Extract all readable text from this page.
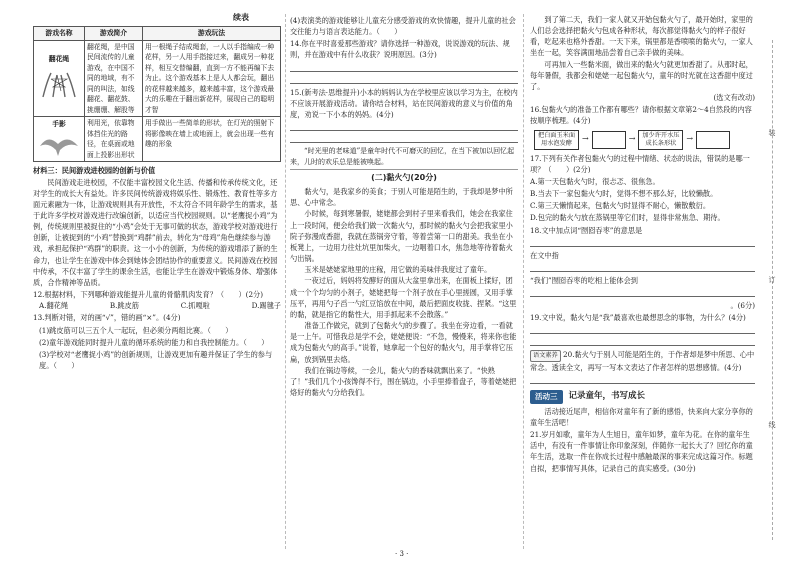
续表
游戏名称	游戏简介	游戏玩法
翻花绳	翻花绳，是中国民间流传的儿童游戏，在中国不同的地域，有不同的叫法，如线翻花、翻花鼓、挑绷绷、解股等	用一根绳子结成绳套，一人以手指编成一种花样，另一人用手指接过来，翻成另一种花样，相互交替编翻，直到一方不能再编下去为止。这个游戏基本上是人人都会玩，翻出的花样越来越多，越来越丰富，这个游戏最大的乐趣在于翻出新花样，展现自己的聪明才智
手影	利用光，依靠物体挡住光的路径，在桌面或地面上投影出形状	用手做出一些简单的形状，在灯光的照射下将影像映在墙上或地面上，就会出现一些有趣的形象

材料三：民间游戏进校园的创新与价值

民间游戏走进校园，不仅能丰富校园文化生活、传播和传承传统文化，还对学生的成长大有益处。许多民间传统游戏将娱乐性、锻炼性、教育性等多方面元素融为一体，让游戏规则具有开放性，不太符合不同年龄学生的需求，基于此许多学校对游戏进行改编创新，以适应当代校园规则。以“老鹰捉小鸡”为例，传统规则里被捉住的“小鸡”会处于无事可做的状态，游戏学校对游戏进行创新，让被捉到的“小鸡”替换到“鸡群”前去，转化为“母鸡”角色继续参与游戏，承担起保护“鸡群”的职责。这一小小的创新，为传统的游戏增添了新的生命力，也让学生在游戏中体会到她体会团结协作的重要意义。民间游戏在校园中传承，不仅丰富了学生的课余生活，也能让学生在游戏中锻炼身体、增强体质，合作精神等品质。

12.根据材料，下列哪种游戏能提升儿童的骨骼肌肉发育？（　　）(2分)

A.翻花绳	B.跳皮筋	C.抓嘎啦	D.踢毽子

13.判断对错，对的画“√”，错的画“×”。(4分)

(1)跳皮筋可以三五个人一起玩，但必须分两组比赛。（　　）

(2)童年游戏能同时提升儿童的循环系统的能力和自我控制能力。（　　）

(3)学校对“老鹰捉小鸡”的创新规则，让游戏更加有趣并保证了学生的参与度。（　　）

(4)表演类的游戏能够让儿童充分感受游戏的欢快情趣，提升儿童的社会交往能力与语言表达能力。（　　）

14.你在平时喜爱那些游戏？请你选择一种游戏，说说游戏的玩法、规则，并在游戏中有什么收获？说明原因。(3分)

15.(新考法·思维提升)小本的妈妈认为在学校里应该以学习为主，在校内不应该开展游戏活动。请你结合材料，站在民间游戏的意义与价值的角度，劝说一下小本的妈妈。(4分)

“时光里的老味道”是童年时代不可磨灭的回忆，在当下被加以回忆起来，儿时的欢乐总是能被唤起。

(二)黏火勺(20分)

黏火勺，是我家乡的美食；于别人可能是陌生的，于我却是梦中所思、心中常念。

小时候，每到寒暑假，姥姥都会到村子里来看我们，她会在我家住上一段时间，便会给我们做一次黏火勺，那时候的黏火勺会把我家里小院子弥漫成香甜，我就在蒸锅旁守着，等着尝第一口的甜美。我坐在小板凳上，一边用力往灶坑里加柴火，一边咽着口水，焦急地等待着黏火勺出锅。

玉米是姥姥家地里的庄稼，用它做的美味伴我度过了童年。

一夜过后，妈妈将发酵好的面从大盆里拿出来，在面板上揉好，团成一个个均匀的小剂子，姥姥把每一个剂子放在手心里搓圆，又用手掌压平，再用勺子舀一勺红豆馅放在中间，最后把面皮收拢、捏紧。“这里的黏，就是指它的黏性大，用手抓起来不会散落。”

准备工作做完，就到了包黏火勺的步骤了。我坐在旁边看，一看就是一上午。可惜我总是学不会，姥姥便说：“不急，慢慢来，将来你也能成为包黏火勺的高手。”说着，她拿起一个包好的黏火勺，用手掌将它压扁，放到锅里去烙。

我们在锅边等候，一会儿，黏火勺的香味就飘出来了。“快熟了！”我们几个小孩馋得不行，围在锅边，小手里捧着盘子，等着姥姥把烙好的黏火勺分给我们。

· 3 ·

到了第二天，我们一家人就又开始包黏火勺了，最开始时，家里的人们总会选择把黏火勺包成各种形状，每次都觉得黏火勺的样子很好看，吃起来也格外香甜。一天下来，锅里都是香喷喷的黏火勺，一家人坐在一起，笑容满面地品尝着自己亲手做的美味。

可再加入一些黏米面，做出来的黏火勺就更加香甜了。从那时起，每年暑假，我都会和姥姥一起包黏火勺，童年的时光就在这香甜中度过了。

(选文有改动)

16.包黏火勺的准备工作都有哪些？请你根据文章第2～4自然段的内容按顺序梳理。(4分)

把白面玉米面用水泡发酵	→	→	加少许开水压成长条形状	→

17.下列有关作者包黏火勺的过程中情绪、状态的说法，错误的是哪一项？（　　）(2分)

A.第一天包黏火勺时，很忐忑、很焦急。

B.当去下一家包黏火勺时，觉得不想不那么好，比较懒散。

C.第三天懒惰起来，包黏火勺时显得不耐心，懒散敷衍。

D.包完的黏火勺放在蒸锅里等它们时，显得非常焦急、期待。

18.文中加点词“囫囵吞枣”的意思是

在文中指

“我们”囫囵吞枣的吃相上能体会到

。(6分)

19.文中说，黏火勺是“我”最喜欢也最想思念的事物，为什么？(4分)

语文素养 20.黏火勺于别人可能是陌生的，于作者却是梦中所思、心中常念。透读全文，再写一写本文表达了作者怎样的思想感情。(4分)

活动三	记录童年，书写成长

活动接近尾声，相信你对童年有了新的感悟，快来向大家分享你的童年生活吧！

21.岁月如歌，童年为人生旭日，童年如梦，童年为花。在你的童年生活中，有没有一件事情让你印象深刻，伴随你一起长大了？回忆你的童年生活，选取一件在你成长过程中感触最深的事来完成这篇习作。标题自拟，把事情写具体，记录自己的真实感受。(30分)

装
订
线
